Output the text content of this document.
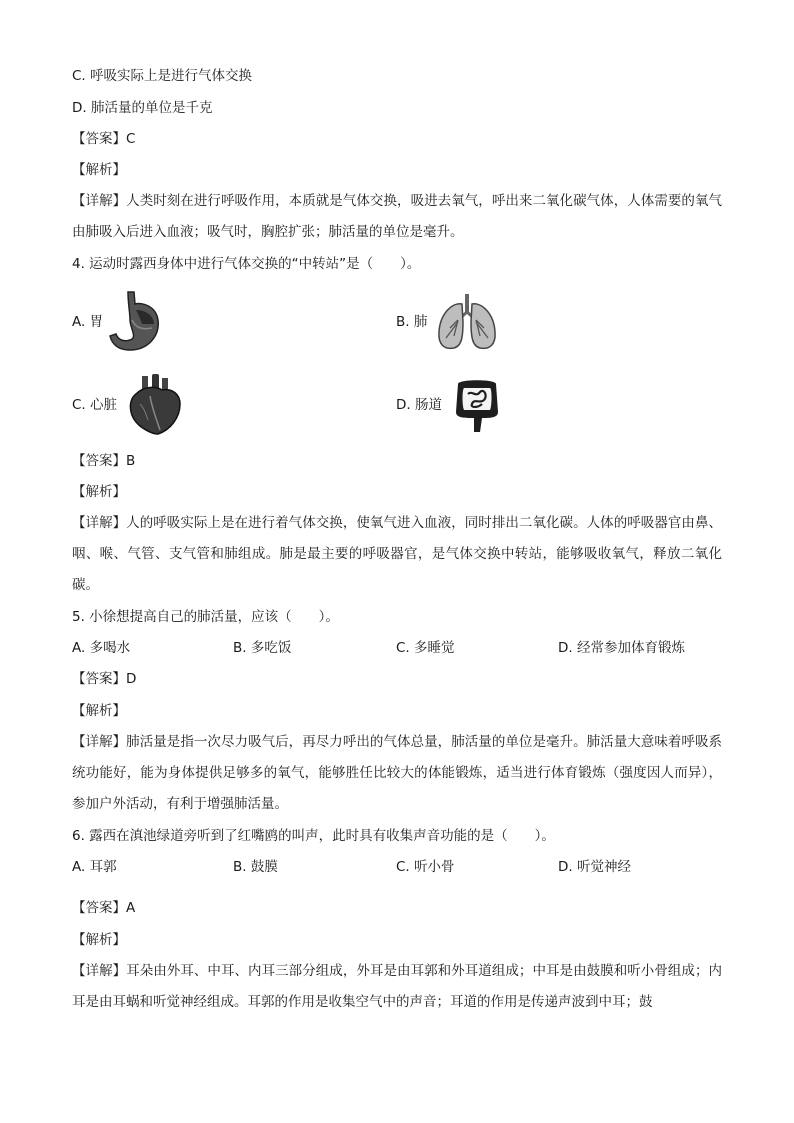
C. 呼吸实际上是进行气体交换
D. 肺活量的单位是千克
【答案】C
【解析】
【详解】人类时刻在进行呼吸作用，本质就是气体交换，吸进去氧气，呼出来二氧化碳气体，人体需要的氧气由肺吸入后进入血液；吸气时，胸腔扩张；肺活量的单位是毫升。
4. 运动时露西身体中进行气体交换的“中转站”是（　　）。
A. 胃	B. 肺
C. 心脏	D. 肠道
【答案】B
【解析】
【详解】人的呼吸实际上是在进行着气体交换，使氧气进入血液，同时排出二氧化碳。人体的呼吸器官由鼻、咽、喉、气管、支气管和肺组成。肺是最主要的呼吸器官，是气体交换中转站，能够吸收氧气，释放二氧化碳。
5. 小徐想提高自己的肺活量，应该（　　）。
A. 多喝水	B. 多吃饭	C. 多睡觉	D. 经常参加体育锻炼
【答案】D
【解析】
【详解】肺活量是指一次尽力吸气后，再尽力呼出的气体总量，肺活量的单位是毫升。肺活量大意味着呼吸系统功能好，能为身体提供足够多的氧气，能够胜任比较大的体能锻炼，适当进行体育锻炼（强度因人而异），参加户外活动，有利于增强肺活量。
6. 露西在滇池绿道旁听到了红嘴鸥的叫声，此时具有收集声音功能的是（　　）。
A. 耳郭	B. 鼓膜	C. 听小骨	D. 听觉神经
【答案】A
【解析】
【详解】耳朵由外耳、中耳、内耳三部分组成，外耳是由耳郭和外耳道组成；中耳是由鼓膜和听小骨组成；内耳是由耳蜗和听觉神经组成。耳郭的作用是收集空气中的声音；耳道的作用是传递声波到中耳；鼓
